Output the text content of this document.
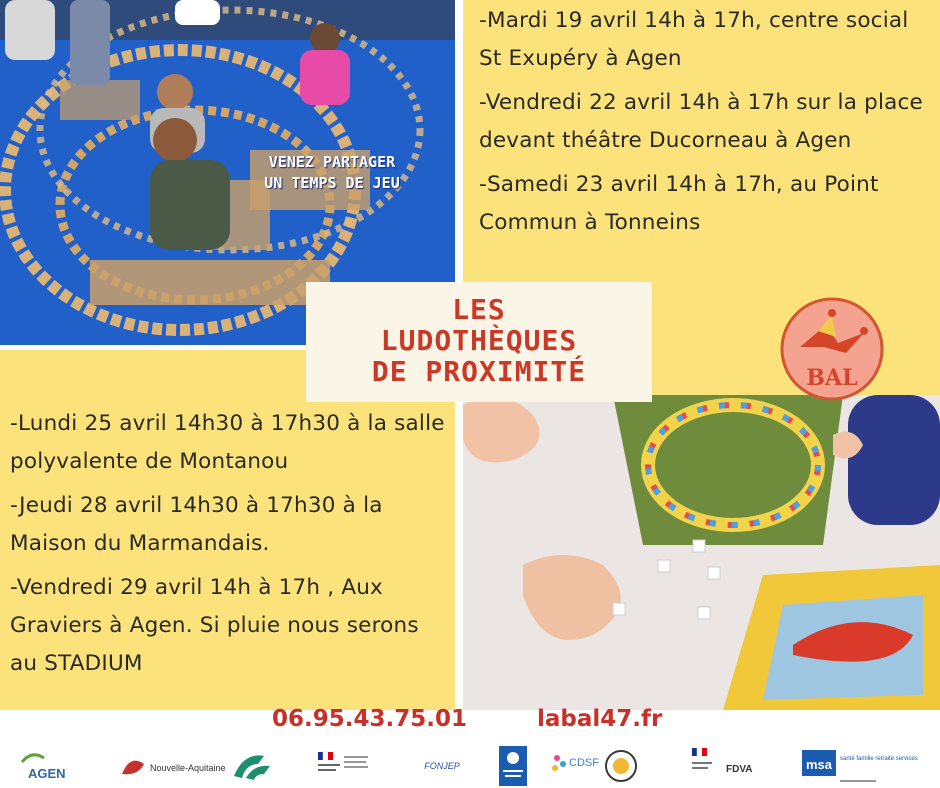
VENEZ PARTAGER
UN TEMPS DE JEU

-Mardi 19 avril 14h à 17h, centre social St Exupéry à Agen

-Vendredi 22 avril 14h à 17h sur la place devant théâtre Ducorneau à Agen

-Samedi 23 avril 14h à 17h, au Point Commun à Tonneins

-Lundi 25 avril 14h30 à 17h30 à la salle polyvalente de Montanou

-Jeudi 28 avril 14h30 à 17h30 à la Maison du Marmandais.

-Vendredi 29 avril 14h à 17h , Aux Graviers à Agen. Si pluie nous serons au STADIUM

LES
LUDOTHÈQUES
DE PROXIMITÉ	BAL
06.95.43.75.01	labal47.fr
AGEN	Nouvelle-Aquitaine	FONJEP	CDSF
FDVA	msa santé famille retraite services
